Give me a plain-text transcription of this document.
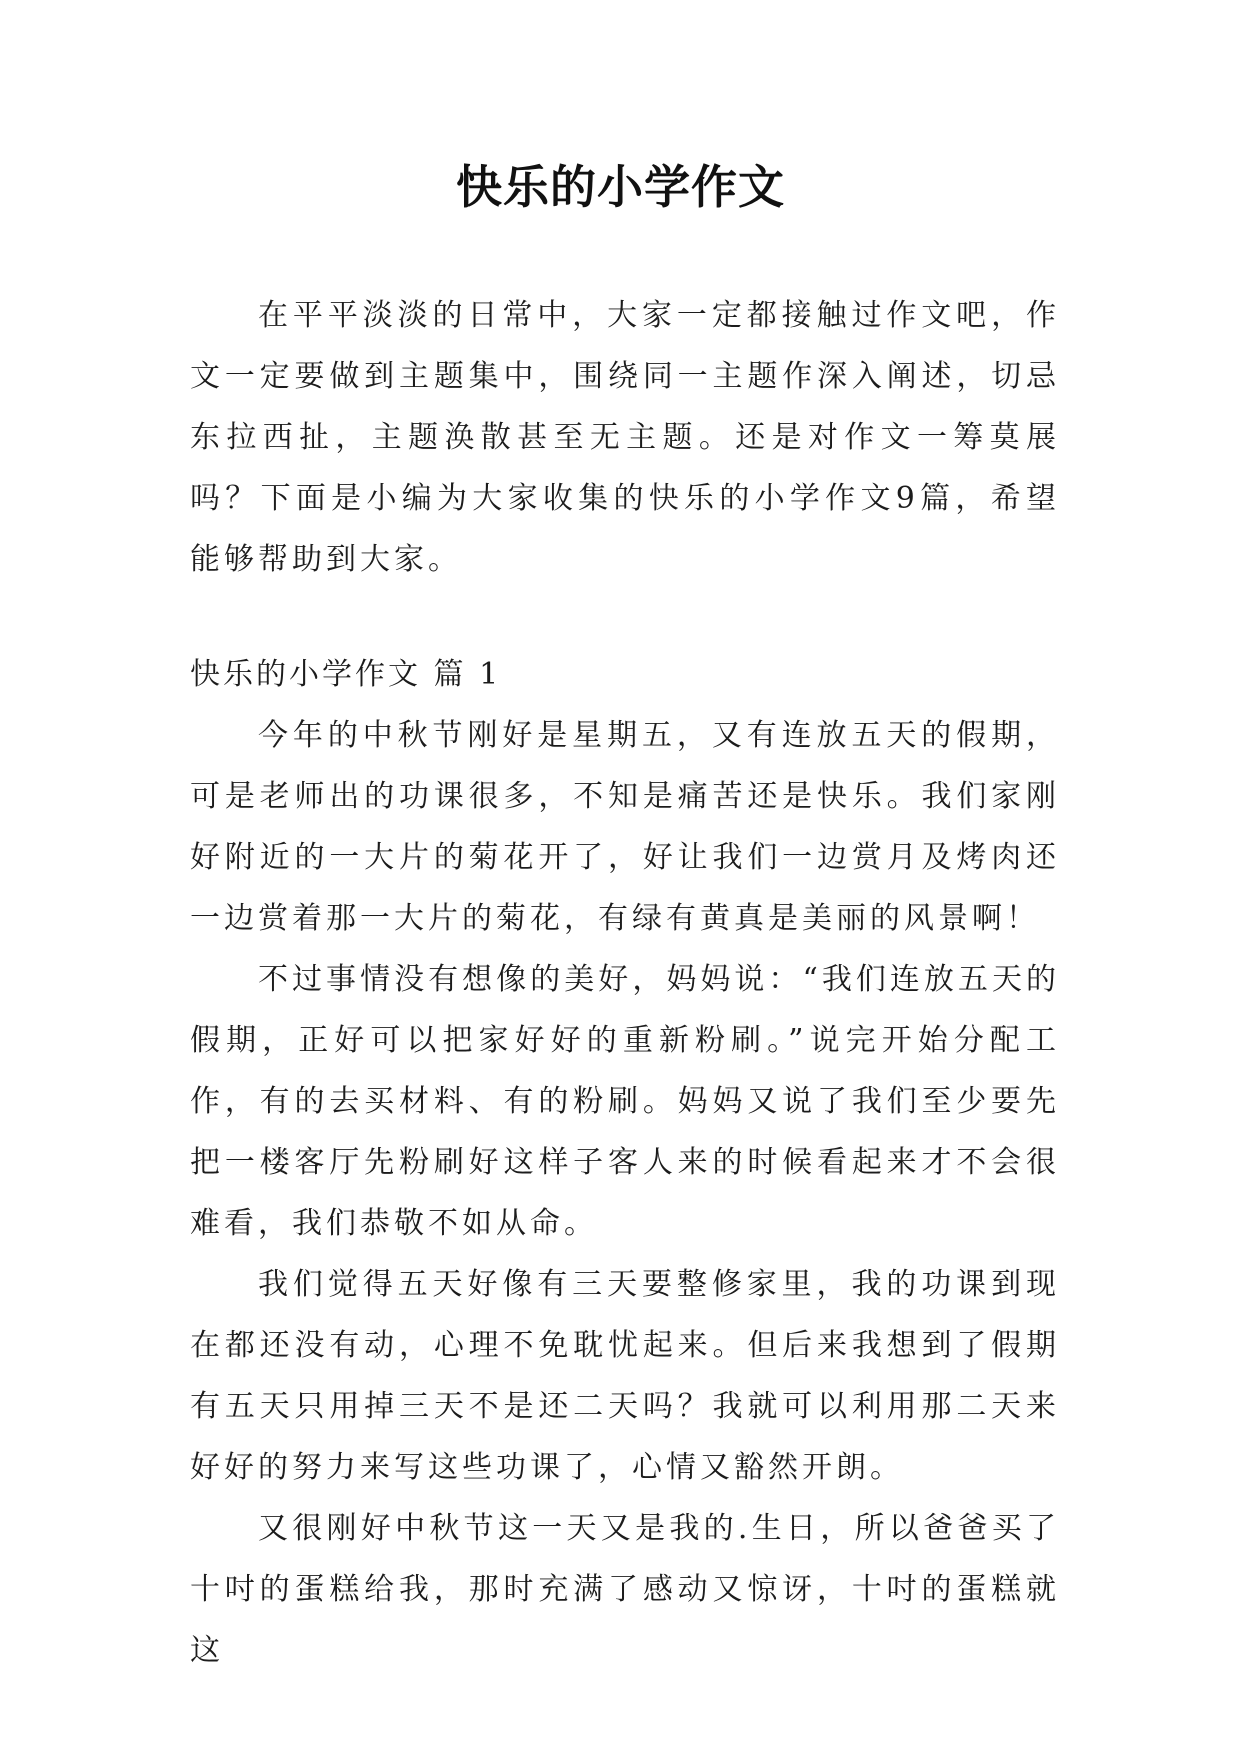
快乐的小学作文

在平平淡淡的日常中，大家一定都接触过作文吧，作文一定要做到主题集中，围绕同一主题作深入阐述，切忌东拉西扯，主题涣散甚至无主题。还是对作文一筹莫展吗？下面是小编为大家收集的快乐的小学作文9篇，希望能够帮助到大家。

快乐的小学作文 篇 1

今年的中秋节刚好是星期五，又有连放五天的假期，可是老师出的功课很多，不知是痛苦还是快乐。我们家刚好附近的一大片的菊花开了，好让我们一边赏月及烤肉还一边赏着那一大片的菊花，有绿有黄真是美丽的风景啊！

不过事情没有想像的美好，妈妈说：“我们连放五天的假期，正好可以把家好好的重新粉刷。”说完开始分配工作，有的去买材料、有的粉刷。妈妈又说了我们至少要先把一楼客厅先粉刷好这样子客人来的时候看起来才不会很难看，我们恭敬不如从命。

我们觉得五天好像有三天要整修家里，我的功课到现在都还没有动，心理不免耽忧起来。但后来我想到了假期有五天只用掉三天不是还二天吗？我就可以利用那二天来好好的努力来写这些功课了，心情又豁然开朗。

又很刚好中秋节这一天又是我的.生日，所以爸爸买了十吋的蛋糕给我，那时充满了感动又惊讶，十吋的蛋糕就这
